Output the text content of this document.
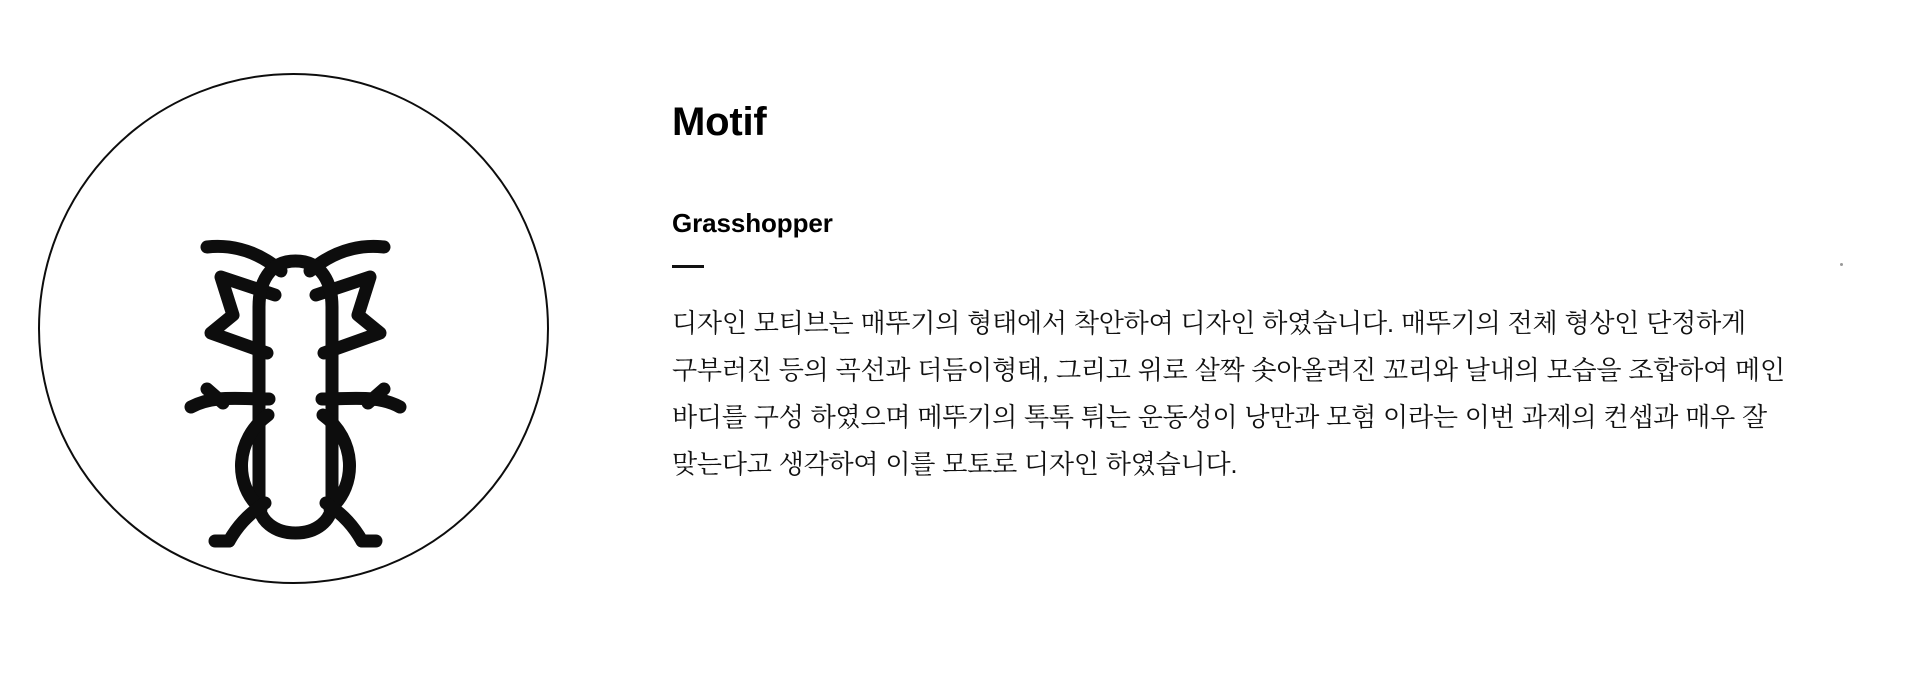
Motif
Grasshopper

디자인 모티브는 매뚜기의 형태에서 착안하여 디자인 하였습니다. 매뚜기의 전체 형상인 단정하게 구부러진 등의 곡선과 더듬이형태, 그리고 위로 살짝 솟아올려진 꼬리와 날내의 모습을 조합하여 메인 바디를 구성 하였으며 메뚜기의 톡톡 튀는 운동성이 낭만과 모험 이라는 이번 과제의 컨셉과 매우 잘 맞는다고 생각하여 이를 모토로 디자인 하였습니다.
